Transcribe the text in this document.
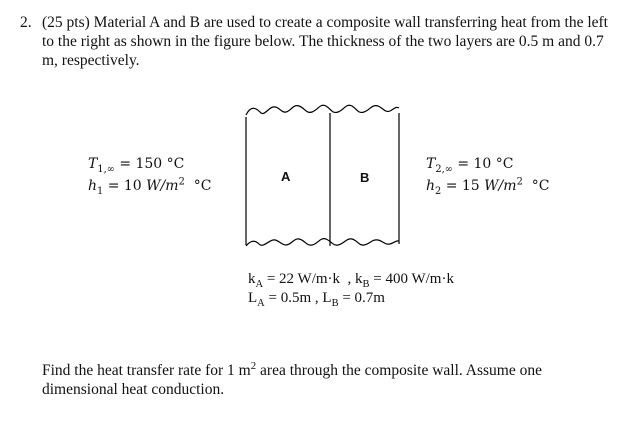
2. (25 pts) Material A and B are used to create a composite wall transferring heat from the left to the right as shown in the figure below. The thickness of the two layers are 0.5 m and 0.7 m, respectively.
A	B
$T_{1,\infty} = 150$ °C
$h_1 = 10$ $W/m^2$ °C
$T_{2,\infty} = 10$ °C
$h_2 = 15$ $W/m^2$ °C
$k_A = 22$ W/m·k , $k_B = 400$ W/m·k
$L_A = 0.5m$ , $L_B = 0.7m$
Find the heat transfer rate for 1 $m^2$ area through the composite wall. Assume one dimensional heat conduction.
